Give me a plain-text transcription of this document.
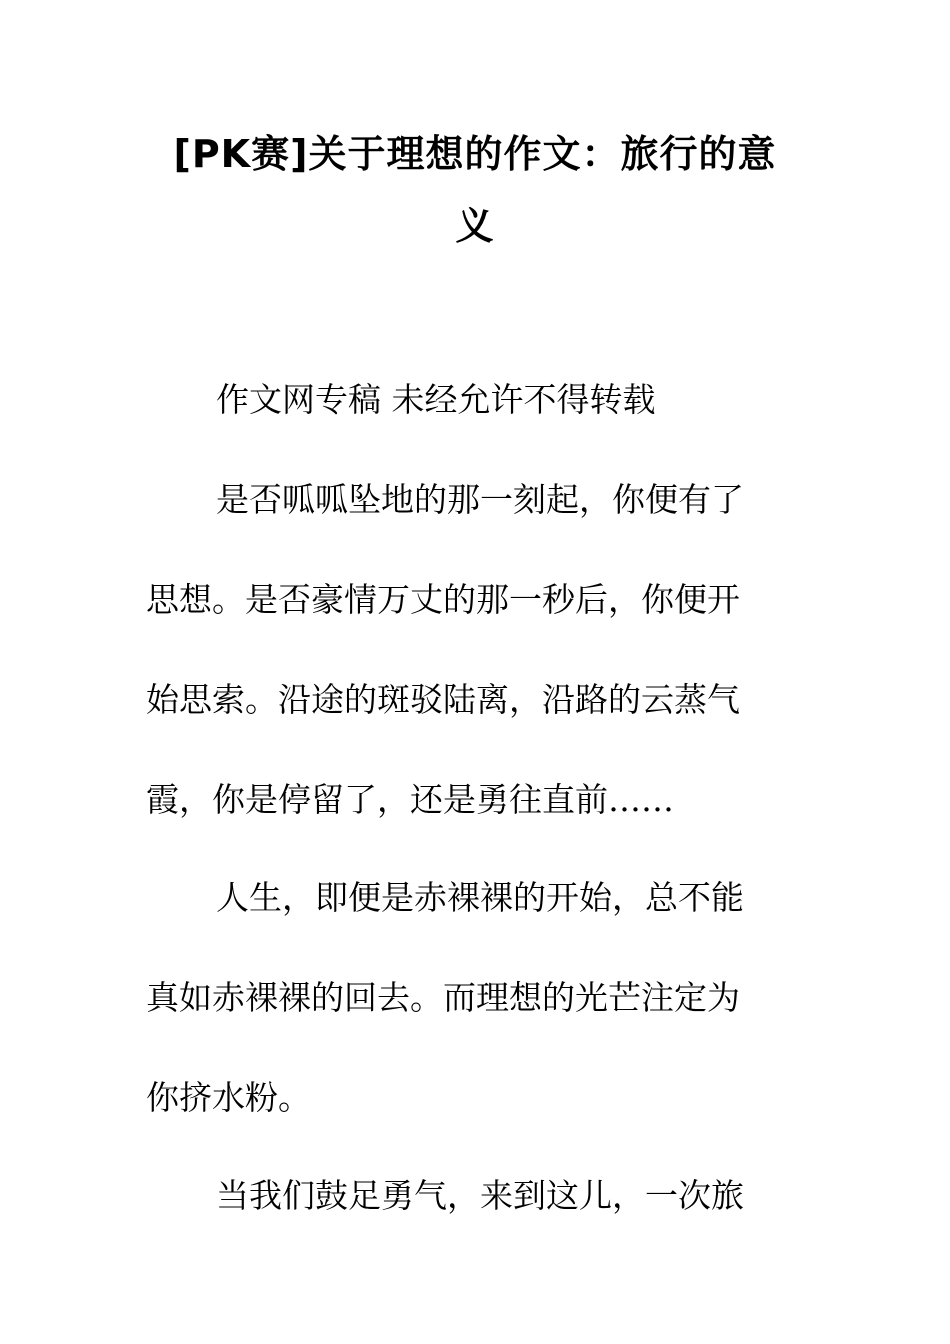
[PK赛]关于理想的作文：旅行的意
义

作文网专稿 未经允许不得转载

是否呱呱坠地的那一刻起，你便有了

思想。是否豪情万丈的那一秒后，你便开

始思索。沿途的斑驳陆离，沿路的云蒸气

霞，你是停留了，还是勇往直前……

人生，即便是赤裸裸的开始，总不能

真如赤裸裸的回去。而理想的光芒注定为

你挤水粉。

当我们鼓足勇气，来到这儿，一次旅
